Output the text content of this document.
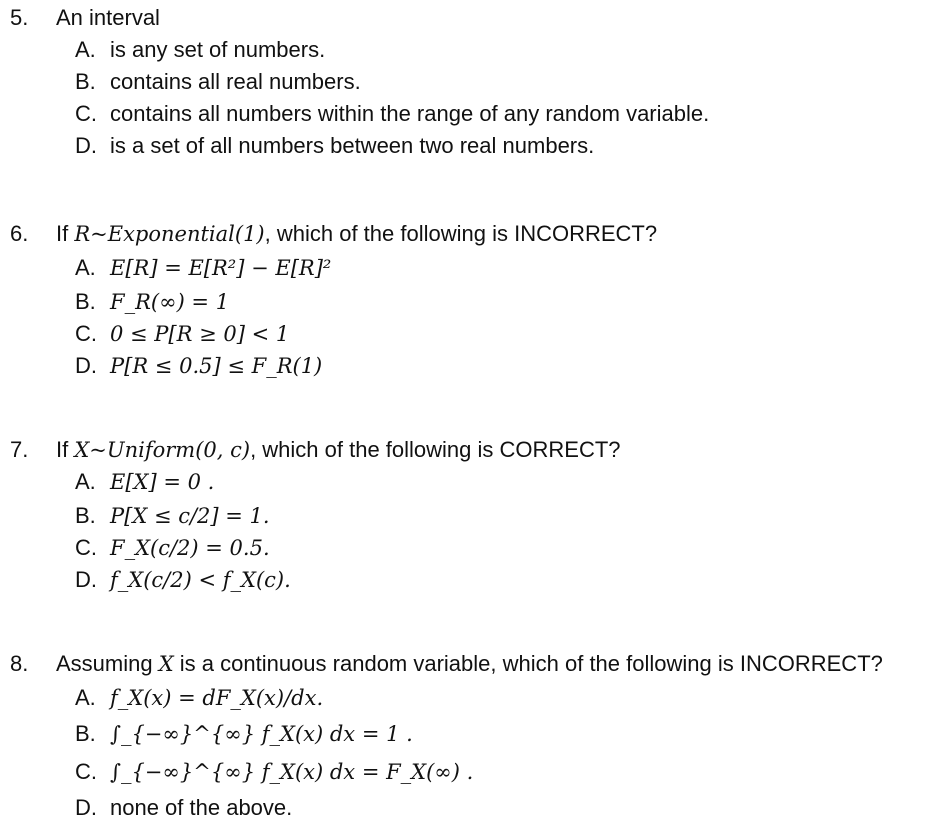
5. An interval
A. is any set of numbers.
B. contains all real numbers.
C. contains all numbers within the range of any random variable.
D. is a set of all numbers between two real numbers.
6. If R~Exponential(1), which of the following is INCORRECT?
A. E[R] = E[R²] − E[R]²
B. F_R(∞) = 1
C. 0 ≤ P[R ≥ 0] < 1
D. P[R ≤ 0.5] ≤ F_R(1)
7. If X~Uniform(0, c), which of the following is CORRECT?
A. E[X] = 0 .
B. P[X ≤ c/2] = 1.
C. F_X(c/2) = 0.5.
D. f_X(c/2) < f_X(c).
8. Assuming X is a continuous random variable, which of the following is INCORRECT?
A. f_X(x) = dF_X(x)/dx.
B. ∫_{−∞}^{∞} f_X(x) dx = 1 .
C. ∫_{−∞}^{∞} f_X(x) dx = F_X(∞) .
D. none of the above.
